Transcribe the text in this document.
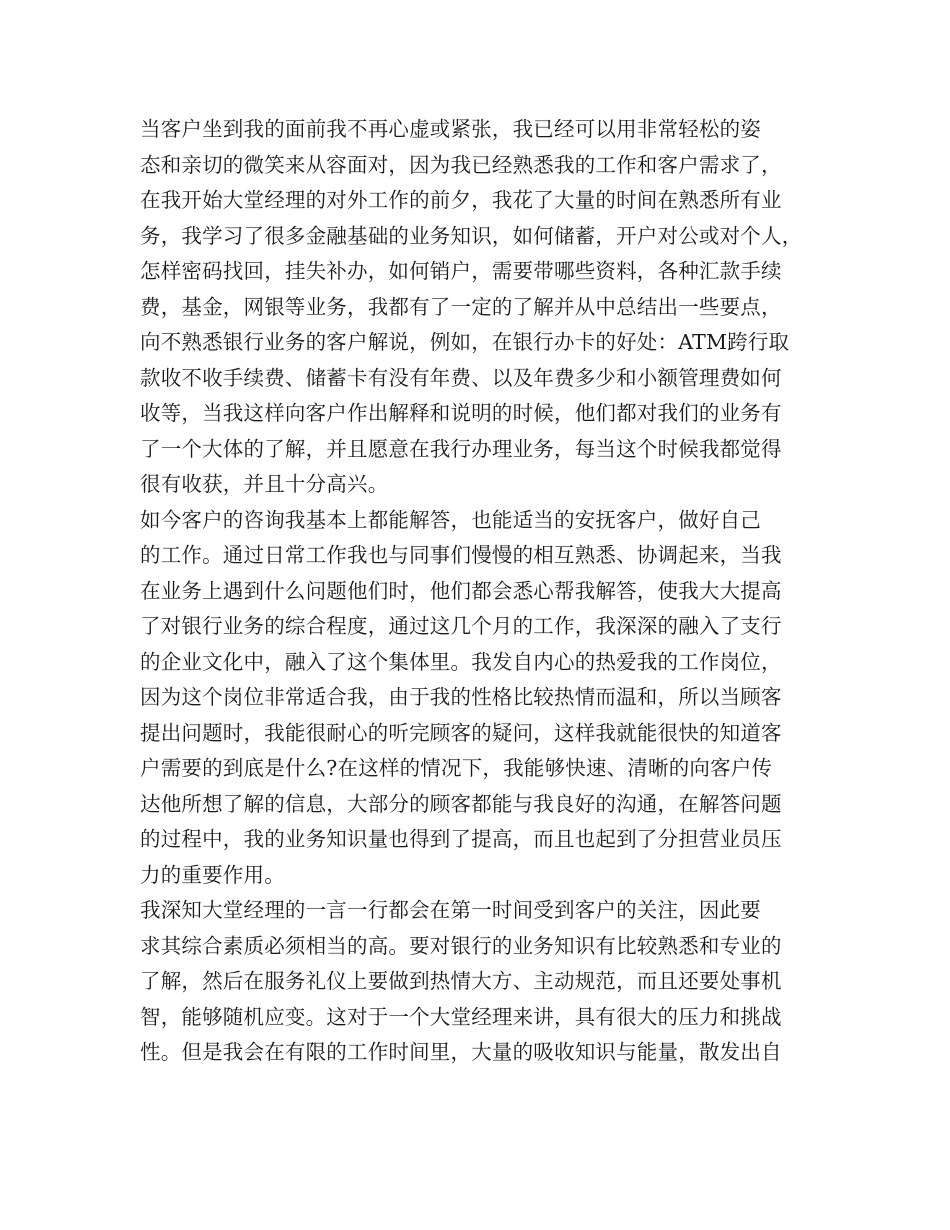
当客户坐到我的面前我不再心虚或紧张，我已经可以用非常轻松的姿
态和亲切的微笑来从容面对，因为我已经熟悉我的工作和客户需求了，
在我开始大堂经理的对外工作的前夕，我花了大量的时间在熟悉所有业
务，我学习了很多金融基础的业务知识，如何储蓄，开户对公或对个人，
怎样密码找回，挂失补办，如何销户，需要带哪些资料，各种汇款手续
费，基金，网银等业务，我都有了一定的了解并从中总结出一些要点，
向不熟悉银行业务的客户解说，例如，在银行办卡的好处：ATM跨行取
款收不收手续费、储蓄卡有没有年费、以及年费多少和小额管理费如何
收等，当我这样向客户作出解释和说明的时候，他们都对我们的业务有
了一个大体的了解，并且愿意在我行办理业务，每当这个时候我都觉得
很有收获，并且十分高兴。
如今客户的咨询我基本上都能解答，也能适当的安抚客户，做好自己
的工作。通过日常工作我也与同事们慢慢的相互熟悉、协调起来，当我
在业务上遇到什么问题他们时，他们都会悉心帮我解答，使我大大提高
了对银行业务的综合程度，通过这几个月的工作，我深深的融入了支行
的企业文化中，融入了这个集体里。我发自内心的热爱我的工作岗位，
因为这个岗位非常适合我，由于我的性格比较热情而温和，所以当顾客
提出问题时，我能很耐心的听完顾客的疑问，这样我就能很快的知道客
户需要的到底是什么?在这样的情况下，我能够快速、清晰的向客户传
达他所想了解的信息，大部分的顾客都能与我良好的沟通，在解答问题
的过程中，我的业务知识量也得到了提高，而且也起到了分担营业员压
力的重要作用。
我深知大堂经理的一言一行都会在第一时间受到客户的关注，因此要
求其综合素质必须相当的高。要对银行的业务知识有比较熟悉和专业的
了解，然后在服务礼仪上要做到热情大方、主动规范，而且还要处事机
智，能够随机应变。这对于一个大堂经理来讲，具有很大的压力和挑战
性。但是我会在有限的工作时间里，大量的吸收知识与能量，散发出自
